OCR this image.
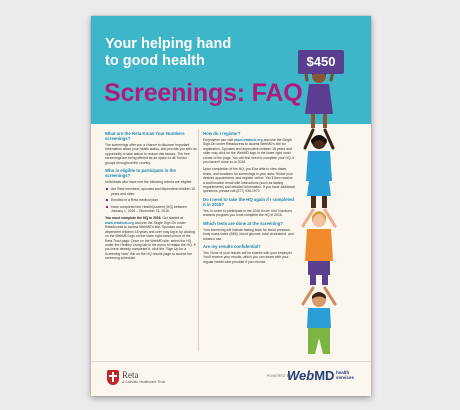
Your helping hand
to good health
Screenings: FAQ
$450
What are the Reta Know Your Numbers screenings?

The screenings offer you a chance to discover important information about your health status, and provide you with an opportunity to take action to reduce risk factors. The free screenings are being offered as an option to all Trustor groups throughout the country.

Who is eligible to participate in the screenings?

Individuals who have met the following criteria are eligible:

Are Reta members, spouses and dependent children 18 years and older.
Enrolled in a Reta medical plan.
Have completed the HealthQuotient (HQ) between January 1, 2016 – December 31, 2016.

You must complete the HQ in 2016. Get started at www.retatrust.org and use the Single Sign On under RetaAccess to access WebMD's site. Spouses and dependent children 18 years and over may log in by clicking on the WebMD logo on the lower right-hand corner of the Reta Trust page. Once on the WebMD site, select the HQ under the Healthy Living tab in the menu to retake the HQ. If you have already completed it, click the "Sign Up for a Screening Now" link on the HQ results page to access the screening scheduler.

How do I register?

Employees can visit www.retatrust.org and use the Single Sign-On under RetaAccess to access WebMD's site for registration. Spouses and dependent children 18 years and older may click on the WebMD logo in the lower right hand corner of the page. You will first need to complete your HQ, if you haven't done so in 2016.

Upon completion of the HQ, you'll be able to view dates, times, and locations for screenings in your area. Select your desired appointment, and register online. You'll then receive a confirmation email with instructions (such as fasting requirements) and detailed information. If you have additional questions, please call (877) 936-1970.

Do I need to take the HQ again if I completed it in 2015?

Yes. In order to participate in the 2016 Know Your Numbers rewards program you must complete the HQ in 2016.

Which tests are done at the screening?

Your screening will include fasting tests for blood pressure, body mass index (BMI), blood glucose, total cholesterol, and tobacco use.

Are my results confidential?

Yes. None of your results will be shared with your employer. You'll receive your results, which you can share with your regular health care provider if you choose.

Reta
a Catholic Healthcare Trust
POWERED BY
WebMD health
services
